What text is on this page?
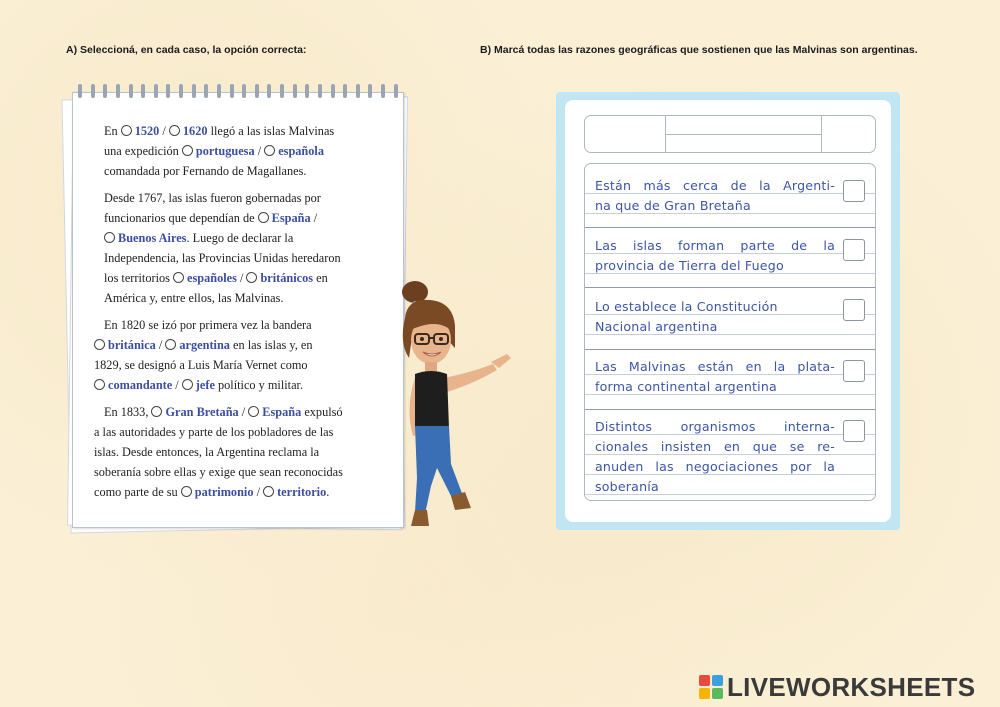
A) Seleccioná, en cada caso, la opción correcta:	B) Marcá todas las razones geográficas que sostienen que las Malvinas son argentinas.

En 1520 / 1620 llegó a las islas Malvinas
una expedición portuguesa / española
comandada por Fernando de Magallanes.

Desde 1767, las islas fueron gobernadas por
funcionarios que dependían de España /
Buenos Aires. Luego de declarar la
Independencia, las Provincias Unidas heredaron
los territorios españoles / británicos en
América y, entre ellos, las Malvinas.

En 1820 se izó por primera vez la bandera
británica / argentina en las islas y, en
1829, se designó a Luis María Vernet como
comandante / jefe político y militar.

En 1833, Gran Bretaña / España expulsó
a las autoridades y parte de los pobladores de las
islas. Desde entonces, la Argentina reclama la
soberanía sobre ellas y exige que sean reconocidas
como parte de su patrimonio / territorio.

Están más cerca de la Argenti-
na que de Gran Bretaña
Las islas forman parte de la
provincia de Tierra del Fuego
Lo establece la Constitución
Nacional argentina
Las Malvinas están en la plata-
forma continental argentina
Distintos organismos interna-
cionales insisten en que se re-
anuden las negociaciones por la
soberanía
LIVEWORKSHEETS
